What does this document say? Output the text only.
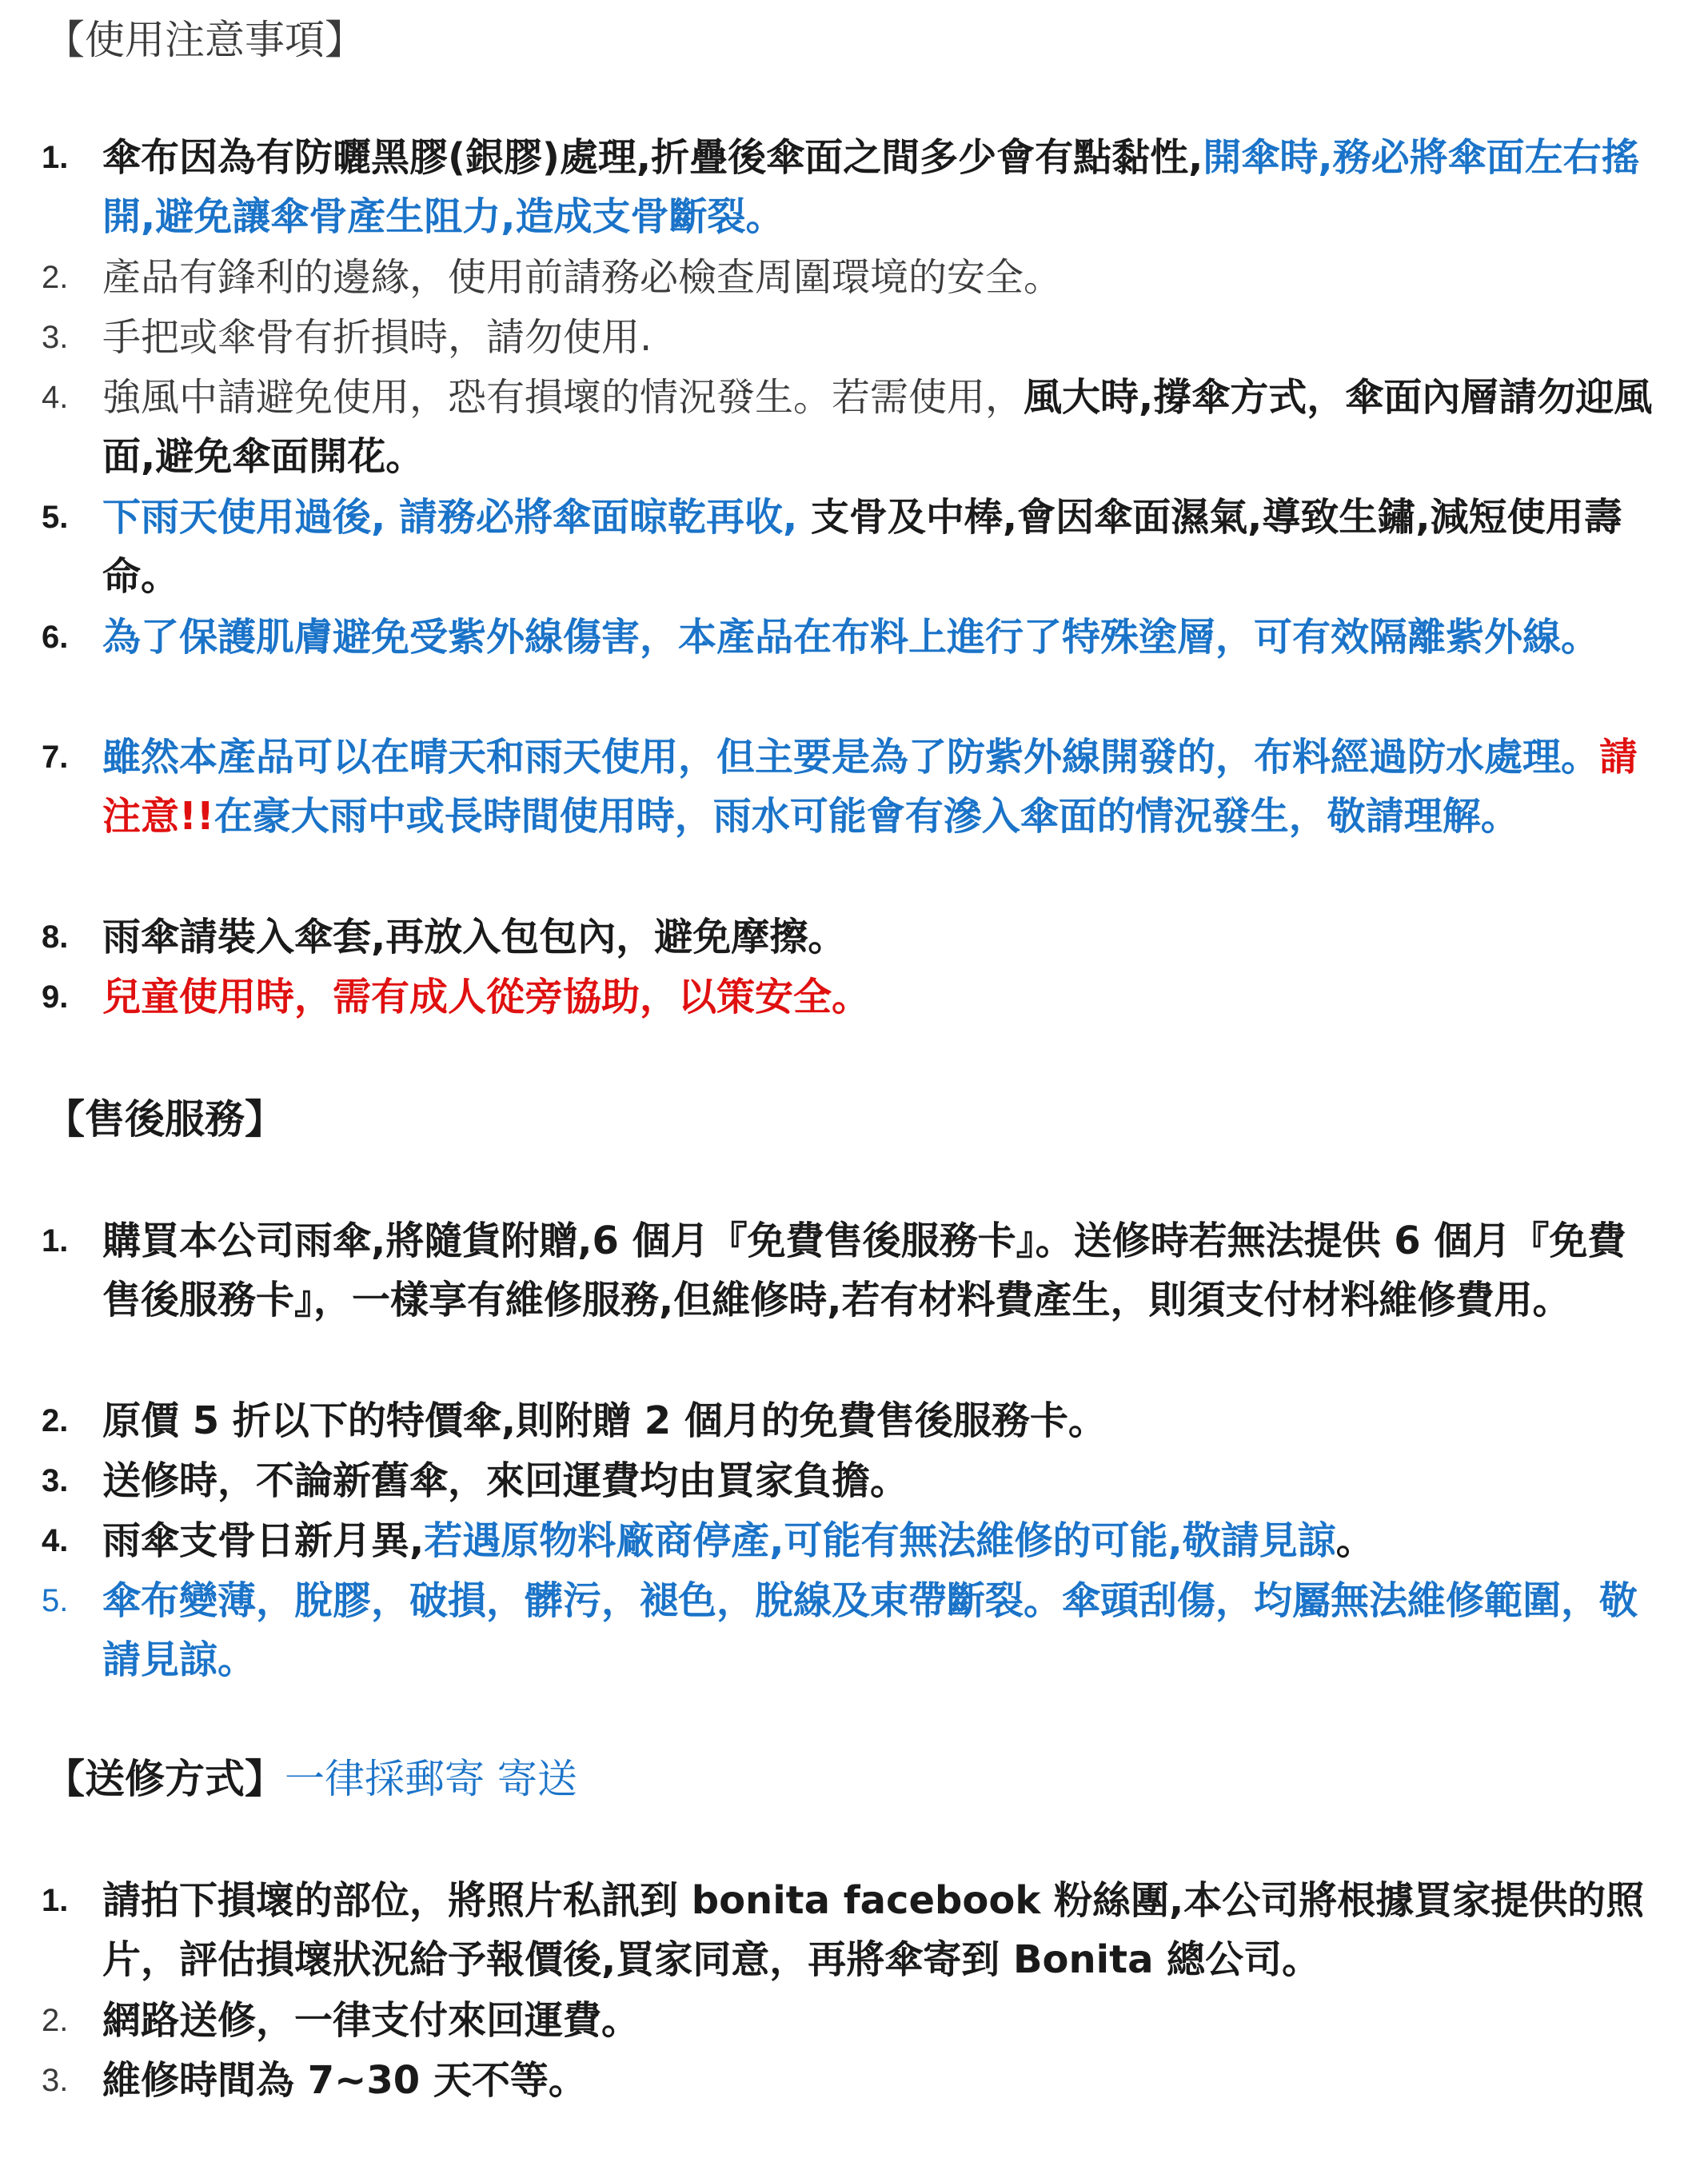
【使用注意事項】
1. 傘布因為有防曬黑膠(銀膠)處理,折疊後傘面之間多少會有點黏性,開傘時,務必將傘面左右搖開,避免讓傘骨產生阻力,造成支骨斷裂。
2. 產品有鋒利的邊緣，使用前請務必檢查周圍環境的安全。
3. 手把或傘骨有折損時，請勿使用.
4. 強風中請避免使用，恐有損壞的情況發生。若需使用，風大時,撐傘方式，傘面內層請勿迎風面,避免傘面開花。
5. 下雨天使用過後, 請務必將傘面晾乾再收, 支骨及中棒,會因傘面濕氣,導致生鏽,減短使用壽命。
6. 為了保護肌膚避免受紫外線傷害，本產品在布料上進行了特殊塗層，可有效隔離紫外線。
7. 雖然本產品可以在晴天和雨天使用，但主要是為了防紫外線開發的，布料經過防水處理。請注意!!在豪大雨中或長時間使用時，雨水可能會有滲入傘面的情況發生，敬請理解。
8. 雨傘請裝入傘套,再放入包包內，避免摩擦。
9. 兒童使用時，需有成人從旁協助，以策安全。
【售後服務】
1. 購買本公司雨傘,將隨貨附贈,6 個月『免費售後服務卡』。送修時若無法提供 6 個月『免費售後服務卡』，一樣享有維修服務,但維修時,若有材料費產生，則須支付材料維修費用。
2. 原價 5 折以下的特價傘,則附贈 2 個月的免費售後服務卡。
3. 送修時，不論新舊傘，來回運費均由買家負擔。
4. 雨傘支骨日新月異,若遇原物料廠商停產,可能有無法維修的可能,敬請見諒。
5. 傘布變薄，脫膠，破損，髒污，褪色，脫線及束帶斷裂。傘頭刮傷，均屬無法維修範圍，敬請見諒。
【送修方式】一律採郵寄 寄送
1. 請拍下損壞的部位，將照片私訊到 bonita facebook 粉絲團,本公司將根據買家提供的照片，評估損壞狀況給予報價後,買家同意，再將傘寄到 Bonita 總公司。
2. 網路送修，一律支付來回運費。
3. 維修時間為 7~30 天不等。
